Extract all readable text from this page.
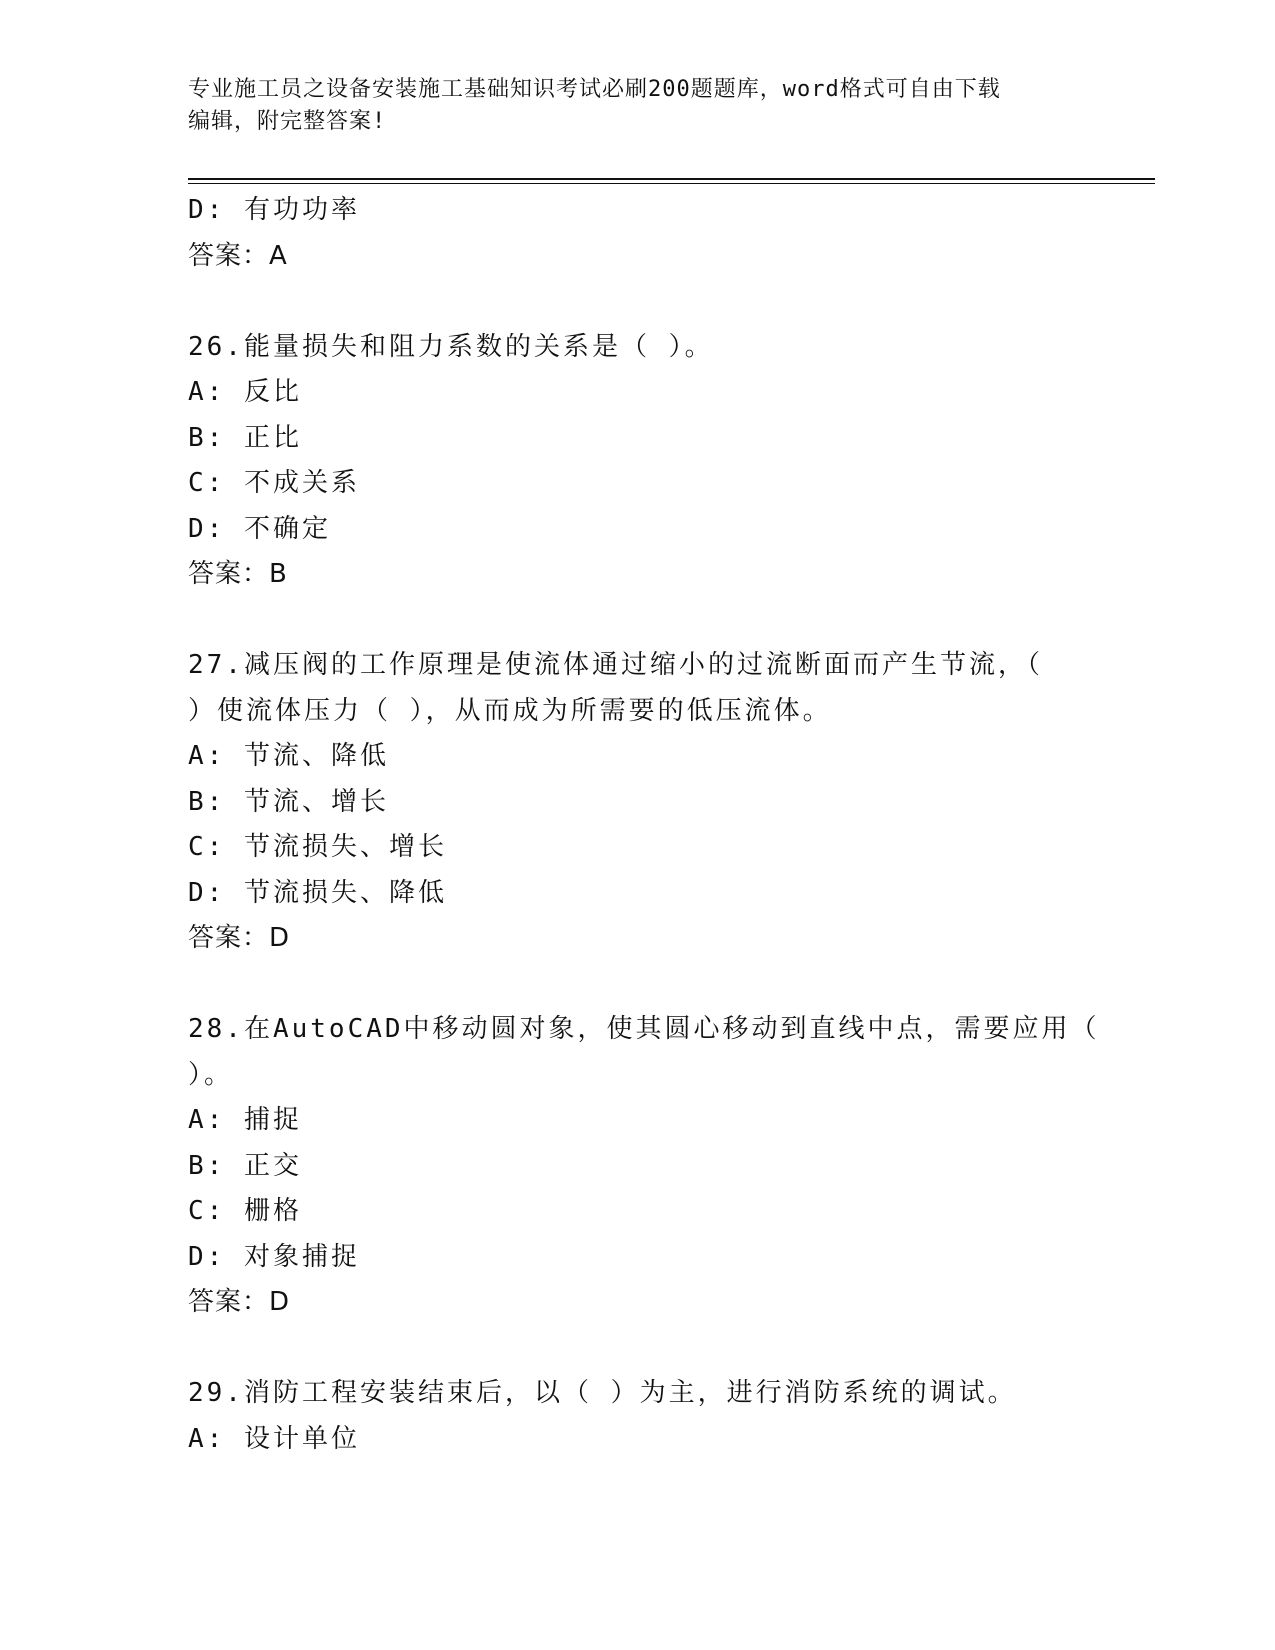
专业施工员之设备安装施工基础知识考试必刷200题题库，word格式可自由下载
编辑，附完整答案!
D: 有功功率
答案：A
26.能量损失和阻力系数的关系是（ ）。
A: 反比
B: 正比
C: 不成关系
D: 不确定
答案：B
27.减压阀的工作原理是使流体通过缩小的过流断面而产生节流，（
）使流体压力（ ），从而成为所需要的低压流体。
A: 节流、降低
B: 节流、增长
C: 节流损失、增长
D: 节流损失、降低
答案：D
28.在AutoCAD中移动圆对象，使其圆心移动到直线中点，需要应用（
）。
A: 捕捉
B: 正交
C: 栅格
D: 对象捕捉
答案：D
29.消防工程安装结束后，以（ ）为主，进行消防系统的调试。
A: 设计单位
